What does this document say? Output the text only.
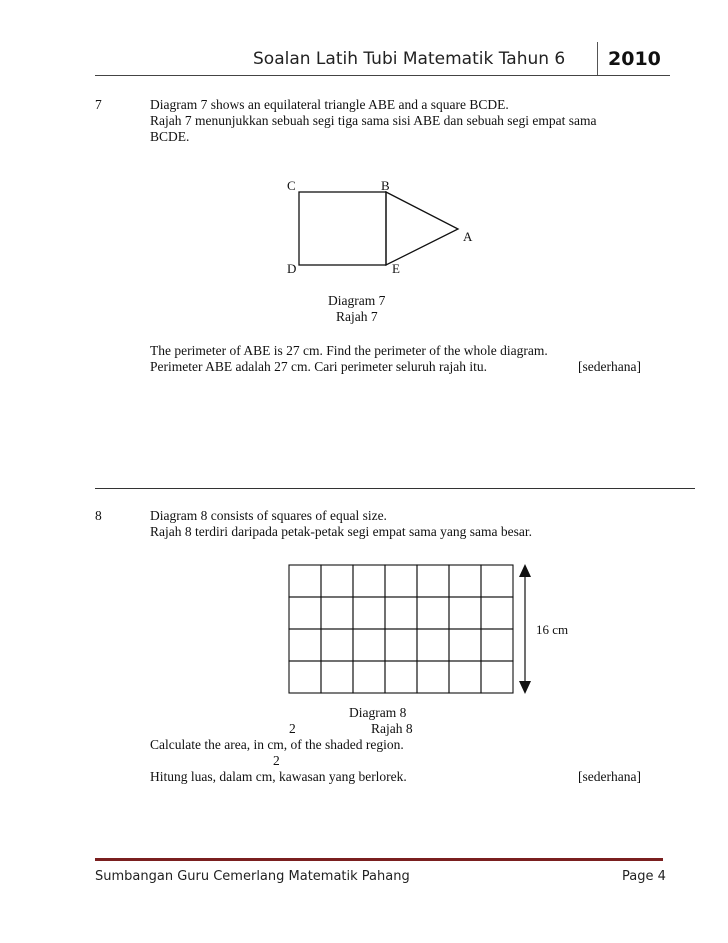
Soalan Latih Tubi Matematik Tahun 6 2010
7	Diagram 7 shows an equilateral triangle ABE and a square BCDE.
Rajah 7 menunjukkan sebuah segi tiga sama sisi ABE dan sebuah segi empat sama
BCDE.
C	B
A
D	E
Diagram 7
Rajah 7
The perimeter of ABE is 27 cm. Find the perimeter of the whole diagram.
Perimeter ABE adalah 27 cm. Cari perimeter seluruh rajah itu.	[sederhana]
8	Diagram 8 consists of squares of equal size.
Rajah 8 terdiri daripada petak-petak segi empat sama yang sama besar.
16 cm
Diagram 8
2	Rajah 8
Calculate the area, in cm, of the shaded region.
2
Hitung luas, dalam cm, kawasan yang berlorek.	[sederhana]
Sumbangan Guru Cemerlang Matematik Pahang	Page 4
